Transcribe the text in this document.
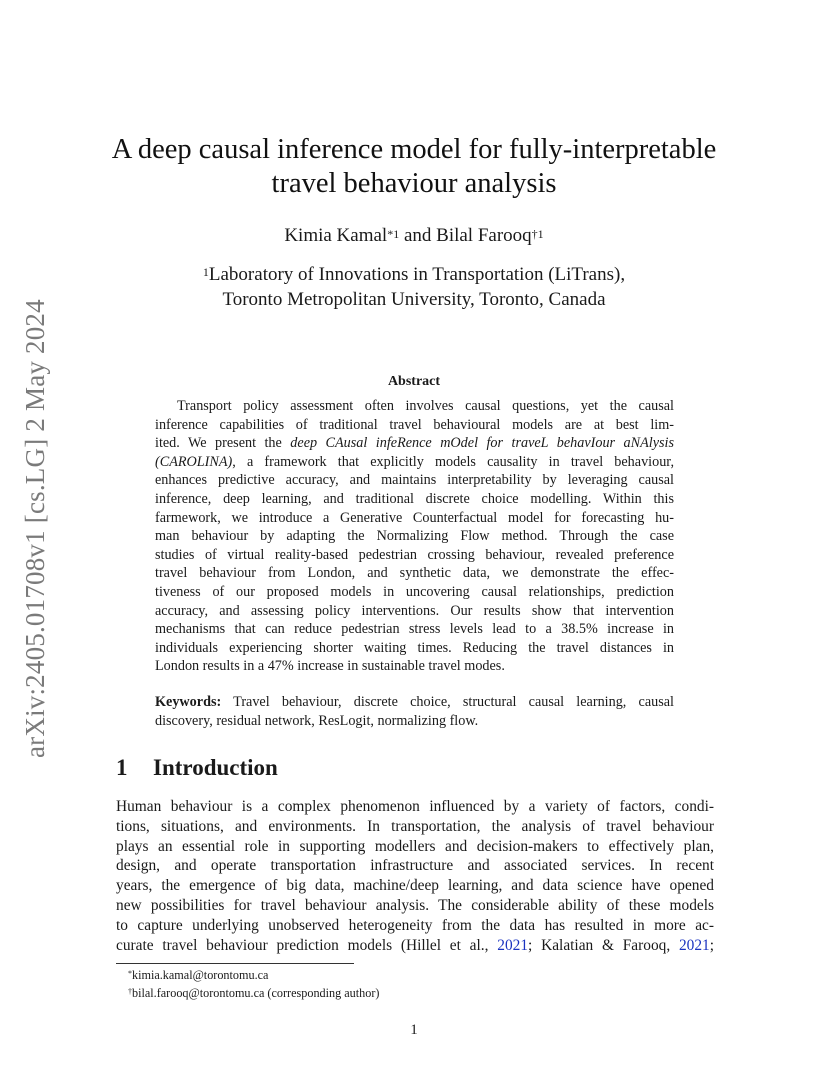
arXiv:2405.01708v1 [cs.LG] 2 May 2024
A deep causal inference model for fully-interpretable
travel behaviour analysis
Kimia Kamal$^{*1}$ and Bilal Farooq$^{\dagger 1}$
$^1$Laboratory of Innovations in Transportation (LiTrans),
Toronto Metropolitan University, Toronto, Canada
Abstract
Transport policy assessment often involves causal questions, yet the causal
inference capabilities of traditional travel behavioural models are at best lim-
ited. We present the deep CAusal infeRence mOdel for traveL behavIour aNAlysis
(CAROLINA), a framework that explicitly models causality in travel behaviour,
enhances predictive accuracy, and maintains interpretability by leveraging causal
inference, deep learning, and traditional discrete choice modelling. Within this
farmework, we introduce a Generative Counterfactual model for forecasting hu-
man behaviour by adapting the Normalizing Flow method. Through the case
studies of virtual reality-based pedestrian crossing behaviour, revealed preference
travel behaviour from London, and synthetic data, we demonstrate the effec-
tiveness of our proposed models in uncovering causal relationships, prediction
accuracy, and assessing policy interventions. Our results show that intervention
mechanisms that can reduce pedestrian stress levels lead to a 38.5% increase in
individuals experiencing shorter waiting times. Reducing the travel distances in
London results in a 47% increase in sustainable travel modes.
Keywords: Travel behaviour, discrete choice, structural causal learning, causal
discovery, residual network, ResLogit, normalizing flow.
1 Introduction
Human behaviour is a complex phenomenon influenced by a variety of factors, condi-
tions, situations, and environments. In transportation, the analysis of travel behaviour
plays an essential role in supporting modellers and decision-makers to effectively plan,
design, and operate transportation infrastructure and associated services. In recent
years, the emergence of big data, machine/deep learning, and data science have opened
new possibilities for travel behaviour analysis. The considerable ability of these models
to capture underlying unobserved heterogeneity from the data has resulted in more ac-
curate travel behaviour prediction models (Hillel et al., 2021; Kalatian & Farooq, 2021;
*kimia.kamal@torontomu.ca
†bilal.farooq@torontomu.ca (corresponding author)
1
